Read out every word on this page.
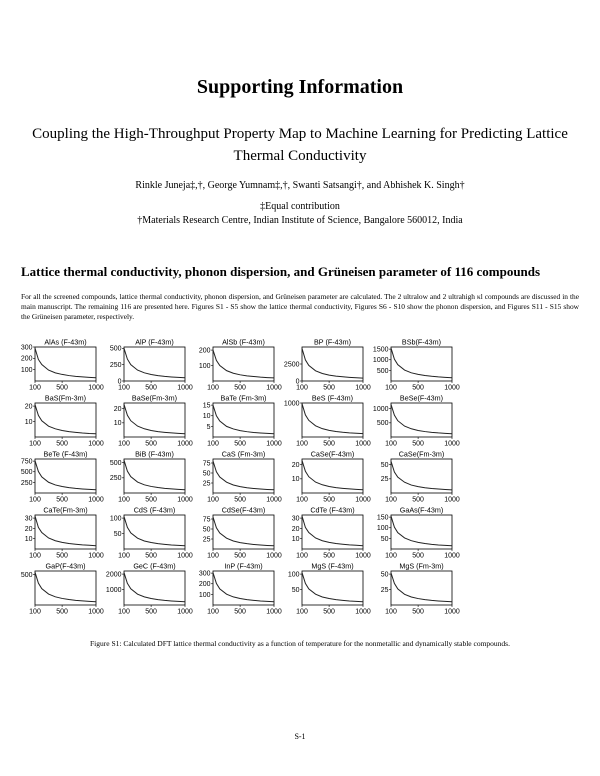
Supporting Information
Coupling the High-Throughput Property Map to Machine Learning for Predicting Lattice Thermal Conductivity
Rinkle Juneja‡,†, George Yumnam‡,†, Swanti Satsangi†, and Abhishek K. Singh†
‡Equal contribution
†Materials Research Centre, Indian Institute of Science, Bangalore 560012, India
Lattice thermal conductivity, phonon dispersion, and Grüneisen parameter of 116 compounds
For all the screened compounds, lattice thermal conductivity, phonon dispersion, and Grüneisen parameter are calculated. The 2 ultralow and 2 ultrahigh κl compounds are discussed in the main manuscript. The remaining 116 are presented here. Figures S1 - S5 show the lattice thermal conductivity, Figures S6 - S10 show the phonon dispersion, and Figures S11 - S15 show the Grüneisen parameter, respectively.
AlAs (F-43m)
100 500	1000
100
200
300
AlP (F-43m)
100 500	1000
0
250
500
AlSb (F-43m)
100 500	1000
100
200
BP (F-43m)
100 500	1000
0
2500
BSb(F-43m)
100 500	1000
500
1000
1500
BaS(Fm-3m)
100 500	1000
10
20
BaSe(Fm-3m)
100 500	1000
10
20
BaTe (Fm-3m)
100 500	1000
5
10
15
BeS (F-43m)
100 500	1000
1000
BeSe(F-43m)
100 500	1000
500
1000
BeTe (F-43m)
100 500	1000
250
500
750
BiB (F-43m)
100 500	1000
250
500
CaS (Fm-3m)
100 500	1000
25
50
75
CaSe(F-43m)
100 500	1000
10
20
CaSe(Fm-3m)
100 500	1000
25
50
CaTe(Fm-3m)
100 500	1000
10
20
30
CdS (F-43m)
100 500	1000
50
100
CdSe(F-43m)
100 500	1000
25
50
75
CdTe (F-43m)
100 500	1000
10
20
30
GaAs(F-43m)
100 500	1000
50
100
150
GaP(F-43m)
100 500	1000
500
GeC (F-43m)
100 500	1000
1000
2000
InP (F-43m)
100 500	1000
100
200
300
MgS (F-43m)
100 500	1000
50
100
MgS (Fm-3m)
100 500	1000
25
50
Figure S1: Calculated DFT lattice thermal conductivity as a function of temperature for the nonmetallic and dynamically stable compounds.
S-1
